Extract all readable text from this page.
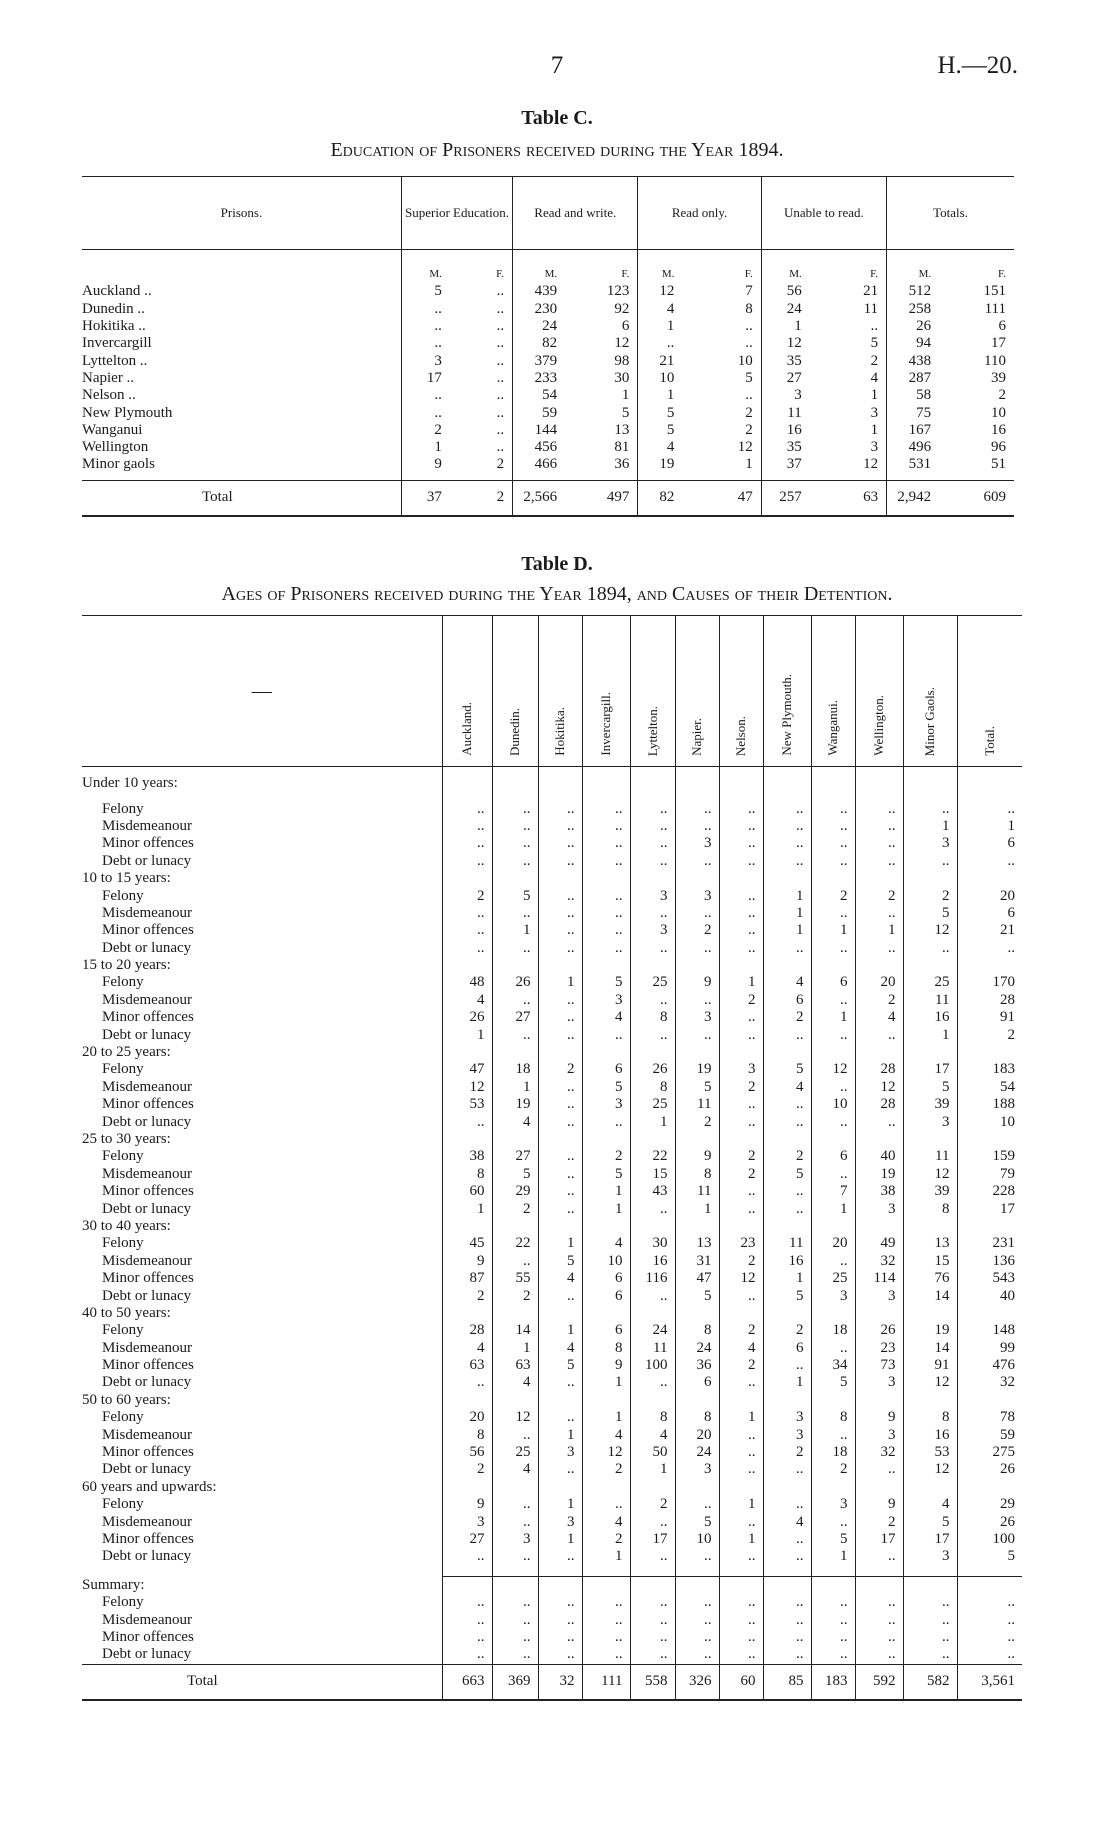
7	H.—20.
Table C.
Education of Prisoners received during the Year 1894.
Prisons.	Superior Education.		Read and write.		Read only.		Unable to read.		Totals.	
	M.	F.	M.	F.	M.	F.	M.	F.	M.	F.
Auckland ..	5	..	439	123	12	7	56	21	512	151
Dunedin ..	..	..	230	92	4	8	24	11	258	111
Hokitika ..	..	..	24	6	1	..	1	..	26	6
Invercargill	..	..	82	12	..	..	12	5	94	17
Lyttelton ..	3	..	379	98	21	10	35	2	438	110
Napier ..	17	..	233	30	10	5	27	4	287	39
Nelson ..	..	..	54	1	1	..	3	1	58	2
New Plymouth	..	..	59	5	5	2	11	3	75	10
Wanganui	2	..	144	13	5	2	16	1	167	16
Wellington	1	..	456	81	4	12	35	3	496	96
Minor gaols	9	2	466	36	19	1	37	12	531	51
Total	37	2	2,566	497	82	47	257	63	2,942	609
Table D.
Ages of Prisoners received during the Year 1894, and Causes of their Detention.
—	Auckland.	Dunedin.	Hokitika.	Invercargill.	Lyttelton.	Napier.	Nelson.	New Plymouth.	Wanganui.	Wellington.	Minor Gaols.	Total.
Under 10 years:												
Felony	..	..	..	..	..	..	..	..	..	..	..	..
Misdemeanour	..	..	..	..	..	..	..	..	..	..	1	1
Minor offences	..	..	..	..	..	3	..	..	..	..	3	6
Debt or lunacy	..	..	..	..	..	..	..	..	..	..	..	..
10 to 15 years:												
Felony	2	5	..	..	3	3	..	1	2	2	2	20
Misdemeanour	..	..	..	..	..	..	..	1	..	..	5	6
Minor offences	..	1	..	..	3	2	..	1	1	1	12	21
Debt or lunacy	..	..	..	..	..	..	..	..	..	..	..	..
15 to 20 years:												
Felony	48	26	1	5	25	9	1	4	6	20	25	170
Misdemeanour	4	..	..	3	..	..	2	6	..	2	11	28
Minor offences	26	27	..	4	8	3	..	2	1	4	16	91
Debt or lunacy	1	..	..	..	..	..	..	..	..	..	1	2
20 to 25 years:												
Felony	47	18	2	6	26	19	3	5	12	28	17	183
Misdemeanour	12	1	..	5	8	5	2	4	..	12	5	54
Minor offences	53	19	..	3	25	11	..	..	10	28	39	188
Debt or lunacy	..	4	..	..	1	2	..	..	..	..	3	10
25 to 30 years:												
Felony	38	27	..	2	22	9	2	2	6	40	11	159
Misdemeanour	8	5	..	5	15	8	2	5	..	19	12	79
Minor offences	60	29	..	1	43	11	..	..	7	38	39	228
Debt or lunacy	1	2	..	1	..	1	..	..	1	3	8	17
30 to 40 years:												
Felony	45	22	1	4	30	13	23	11	20	49	13	231
Misdemeanour	9	..	5	10	16	31	2	16	..	32	15	136
Minor offences	87	55	4	6	116	47	12	1	25	114	76	543
Debt or lunacy	2	2	..	6	..	5	..	5	3	3	14	40
40 to 50 years:												
Felony	28	14	1	6	24	8	2	2	18	26	19	148
Misdemeanour	4	1	4	8	11	24	4	6	..	23	14	99
Minor offences	63	63	5	9	100	36	2	..	34	73	91	476
Debt or lunacy	..	4	..	1	..	6	..	1	5	3	12	32
50 to 60 years:												
Felony	20	12	..	1	8	8	1	3	8	9	8	78
Misdemeanour	8	..	1	4	4	20	..	3	..	3	16	59
Minor offences	56	25	3	12	50	24	..	2	18	32	53	275
Debt or lunacy	2	4	..	2	1	3	..	..	2	..	12	26
60 years and upwards:												
Felony	9	..	1	..	2	..	1	..	3	9	4	29
Misdemeanour	3	..	3	4	..	5	..	4	..	2	5	26
Minor offences	27	3	1	2	17	10	1	..	5	17	17	100
Debt or lunacy	..	..	..	1	..	..	..	..	1	..	3	5

Summary:												
Felony	..	..	..	..	..	..	..	..	..	..	..	..
Misdemeanour	..	..	..	..	..	..	..	..	..	..	..	..
Minor offences	..	..	..	..	..	..	..	..	..	..	..	..
Debt or lunacy	..	..	..	..	..	..	..	..	..	..	..	..
Total	663	369	32	111	558	326	60	85	183	592	582	3,561
